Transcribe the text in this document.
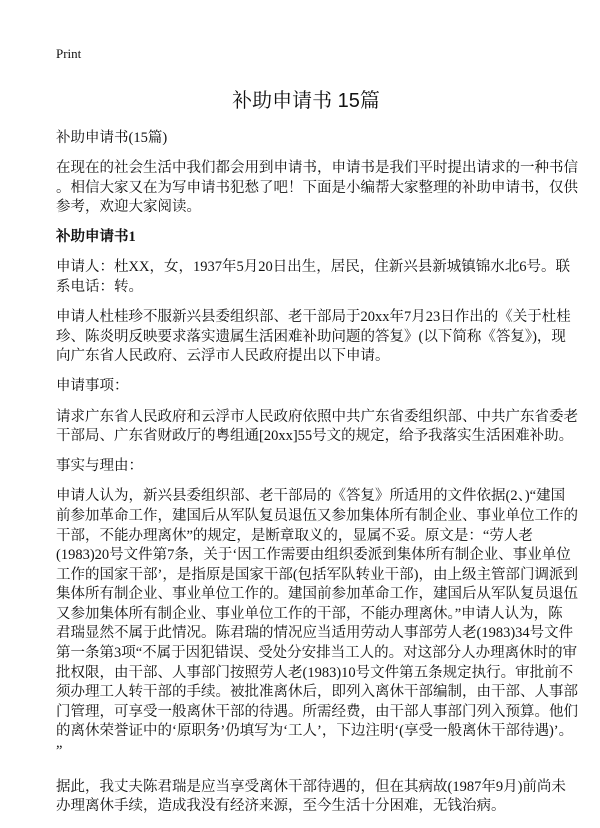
Print
补助申请书 15篇
补助申请书(15篇)
在现在的社会生活中我们都会用到申请书，申请书是我们平时提出请求的一种书信
。相信大家又在为写申请书犯愁了吧！下面是小编帮大家整理的补助申请书，仅供
参考，欢迎大家阅读。
补助申请书1
申请人：杜XX，女，1937年5月20日出生，居民，住新兴县新城镇锦水北6号。联
系电话：转。
申请人杜桂珍不服新兴县委组织部、老干部局于20xx年7月23日作出的《关于杜桂
珍、陈炎明反映要求落实遗属生活困难补助问题的答复》(以下简称《答复》)，现
向广东省人民政府、云浮市人民政府提出以下申请。
申请事项：
请求广东省人民政府和云浮市人民政府依照中共广东省委组织部、中共广东省委老
干部局、广东省财政厅的粤组通[20xx]55号文的规定，给予我落实生活困难补助。
事实与理由：
申请人认为，新兴县委组织部、老干部局的《答复》所适用的文件依据(2、)“建国
前参加革命工作，建国后从军队复员退伍又参加集体所有制企业、事业单位工作的
干部，不能办理离休”的规定，是断章取义的，显属不妥。原文是：“劳人老
(1983)20号文件第7条，关于‘因工作需要由组织委派到集体所有制企业、事业单位
工作的国家干部’，是指原是国家干部(包括军队转业干部)，由上级主管部门调派到
集体所有制企业、事业单位工作的。建国前参加革命工作，建国后从军队复员退伍
又参加集体所有制企业、事业单位工作的干部，不能办理离休。”申请人认为，陈
君瑞显然不属于此情况。陈君瑞的情况应当适用劳动人事部劳人老(1983)34号文件
第一条第3项“不属于因犯错误、受处分安排当工人的。对这部分人办理离休时的审
批权限，由干部、人事部门按照劳人老(1983)10号文件第五条规定执行。审批前不
须办理工人转干部的手续。被批准离休后，即列入离休干部编制，由干部、人事部
门管理，可享受一般离休干部的待遇。所需经费，由干部人事部门列入预算。他们
的离休荣誉证中的‘原职务’仍填写为‘工人’，下边注明‘(享受一般离休干部待遇)’。
”
据此，我丈夫陈君瑞是应当享受离休干部待遇的，但在其病故(1987年9月)前尚未
办理离休手续，造成我没有经济来源，至今生活十分困难，无钱治病。
